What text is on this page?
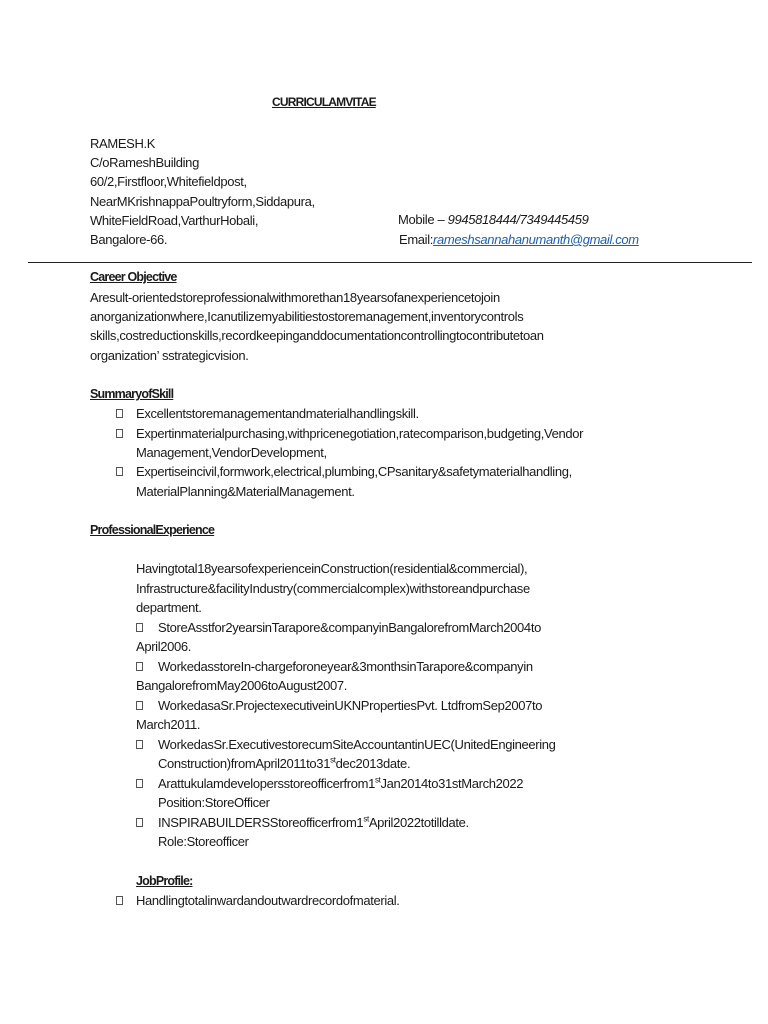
CURRICULAMVITAE
RAMESH.K
C/oRameshBuilding
60/2,Firstfloor,Whitefieldpost,
NearMKrishnappaPoultryform,Siddapura,
WhiteFieldRoad,VarthurHobali,
Bangalore-66.
Mobile – 9945818444/7349445459
Email:rameshsannahanumanth@gmail.com
Career Objective
Aresult-orientedstoreprofessionalwithmorethan18yearsofanexperiencetojoin
anorganizationwhere,Icanutilizemyabilitiestostoremanagement,inventorycontrols
skills,costreductionskills,recordkeepinganddocumentationcontrollingtocontributetoan
organization’ sstrategicvision.
SummaryofSkill
Excellentstoremanagementandmaterialhandlingskill.
Expertinmaterialpurchasing,withpricenegotiation,ratecomparison,budgeting,Vendor
Management,VendorDevelopment,
Expertiseincivil,formwork,electrical,plumbing,CPsanitary&safetymaterialhandling,
MaterialPlanning&MaterialManagement.
ProfessionalExperience
Havingtotal18yearsofexperienceinConstruction(residential&commercial),
Infrastructure&facilityIndustry(commercialcomplex)withstoreandpurchase
department.
StoreAsstfor2yearsinTarapore&companyinBangalorefromMarch2004to
April2006.
WorkedasstoreIn-chargeforoneyear&3monthsinTarapore&companyin
BangalorefromMay2006toAugust2007.
WorkedasaSr.ProjectexecutiveinUKNPropertiesPvt. LtdfromSep2007to
March2011.
WorkedasSr.ExecutivestorecumSiteAccountantinUEC(UnitedEngineering
Construction)fromApril2011to31stdec2013date.
Arattukulamdevelopersstoreofficerfrom1stJan2014to31stMarch2022
Position:StoreOfficer
INSPIRABUILDERSStoreofficerfrom1stApril2022totilldate.
Role:Storeofficer
JobProfile:
Handlingtotalinwardandoutwardrecordofmaterial.
